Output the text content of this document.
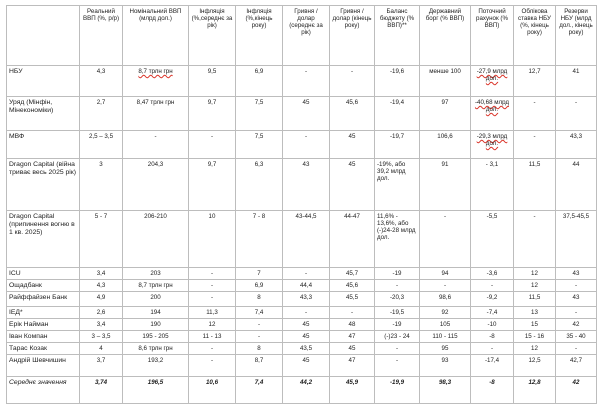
	Реальний ВВП (%, р/р)	Номінальний ВВП (млрд дол.)	Інфляція (%,середнє за рік)	Інфляція (%,кінець року)	Гривня / долар (середнє за рік)	Гривня / долар (кінець року)	Баланс бюджету (% ВВП)**	Державний борг (% ВВП)	Поточний рахунок (% ВВП)	Облікова ставка НБУ (%, кінець року)	Резерви НБУ (млрд дол., кінець року)
НБУ	4,3	8,7 трлн грн	9,5	6,9	-	-	-19,6	менше 100	-27,9 млрд дол.	12,7	41
Уряд (Мінфін, Мінекономіки)	2,7	8,47 трлн грн	9,7	7,5	45	45,6	-19,4	97	-40,68 млрд дол.	-	-
МВФ	2,5 – 3,5	-	-	7,5	-	45	-19,7	106,6	-29,3 млрд дол.	-	43,3
Dragon Capital (війна триває весь 2025 рік)	3	204,3	9,7	6,3	43	45	-19%, або 39,2 млрд дол.	91	- 3,1	11,5	44
Dragon Capital (припинення вогню в 1 кв. 2025)	5 - 7	206-210	10	7 - 8	43-44,5	44-47	11,6% - 13,6%, або (-)24-28 млрд дол.	-	-5,5	-	37,5-45,5
ICU	3,4	203	-	7	-	45,7	-19	94	-3,6	12	43
Ощадбанк	4,3	8,7 трлн грн	-	6,9	44,4	45,6	-	-	-	12	-
Райффайзен Банк	4,9	200	-	8	43,3	45,5	-20,3	98,6	-9,2	11,5	43
ІЕД*	2,6	194	11,3	7,4	-	-	-19,5	92	-7,4	13	-
Ерік Найман	3,4	190	12	-	45	48	-19	105	-10	15	42
Іван Компан	3 – 3,5	195 - 205	11 - 13	-	45	47	(-)23 - 24	110 - 115	-8	15 - 16	35 - 40
Тарас Козак	4	8,6 трлн грн	-	8	43,5	45	-	95	-	12	-
Андрій Шевчишин	3,7	193,2	-	8,7	45	47	-	93	-17,4	12,5	42,7
Середнє значення	3,74	196,5	10,6	7,4	44,2	45,9	-19,9	98,3	-8	12,8	42
